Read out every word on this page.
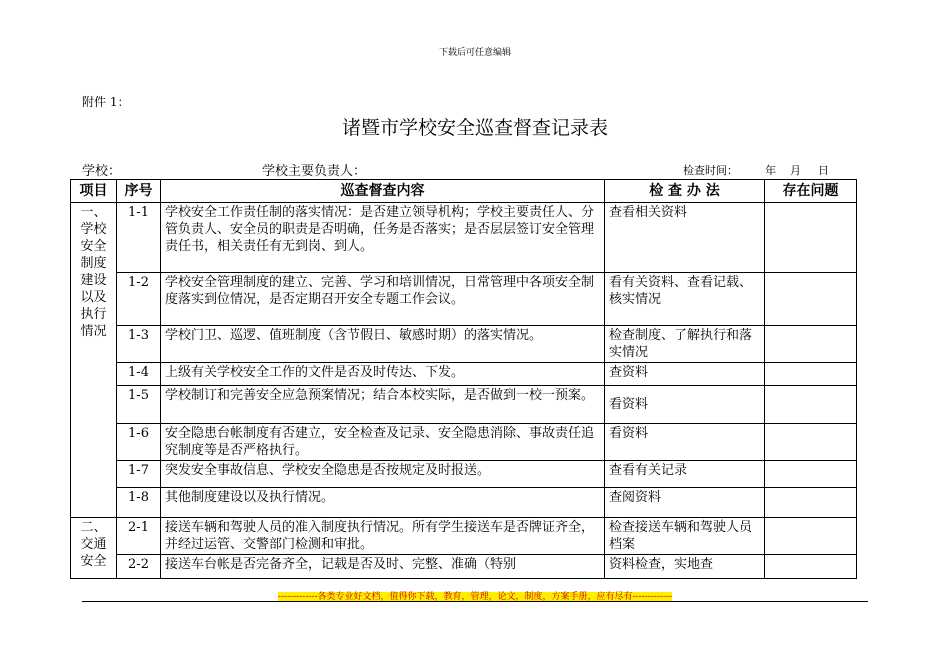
下载后可任意编辑
附件 1：
诸暨市学校安全巡查督查记录表
学校：	学校主要负责人：	检查时间： 年 月 日
项目	序号	巡查督查内容	检 查 办 法	存在问题
一、学校安全制度建设以及执行情况	1-1	学校安全工作责任制的落实情况：是否建立领导机构；学校主要责任人、分管负责人、安全员的职责是否明确，任务是否落实；是否层层签订安全管理责任书，相关责任有无到岗、到人。	查看相关资料	
	1-2	学校安全管理制度的建立、完善、学习和培训情况，日常管理中各项安全制度落实到位情况，是否定期召开安全专题工作会议。	看有关资料、查看记载、核实情况	
	1-3	学校门卫、巡逻、值班制度（含节假日、敏感时期）的落实情况。	检查制度、了解执行和落实情况	
	1-4	上级有关学校安全工作的文件是否及时传达、下发。	查资料	
	1-5	学校制订和完善安全应急预案情况；结合本校实际，是否做到一校一预案。	看资料	
	1-6	安全隐患台帐制度有否建立，安全检查及记录、安全隐患消除、事故责任追究制度等是否严格执行。	看资料	
	1-7	突发安全事故信息、学校安全隐患是否按规定及时报送。	查看有关记录	
	1-8	其他制度建设以及执行情况。	查阅资料	
二、交通安全	2-1	接送车辆和驾驶人员的准入制度执行情况。所有学生接送车是否牌证齐全，并经过运管、交警部门检测和审批。	检查接送车辆和驾驶人员档案	
	2-2	接送车台帐是否完备齐全，记载是否及时、完整、准确（特别	资料检查，实地查	
-------------各类专业好文档，值得你下载，教育，管理，论文，制度，方案手册，应有尽有-------------
